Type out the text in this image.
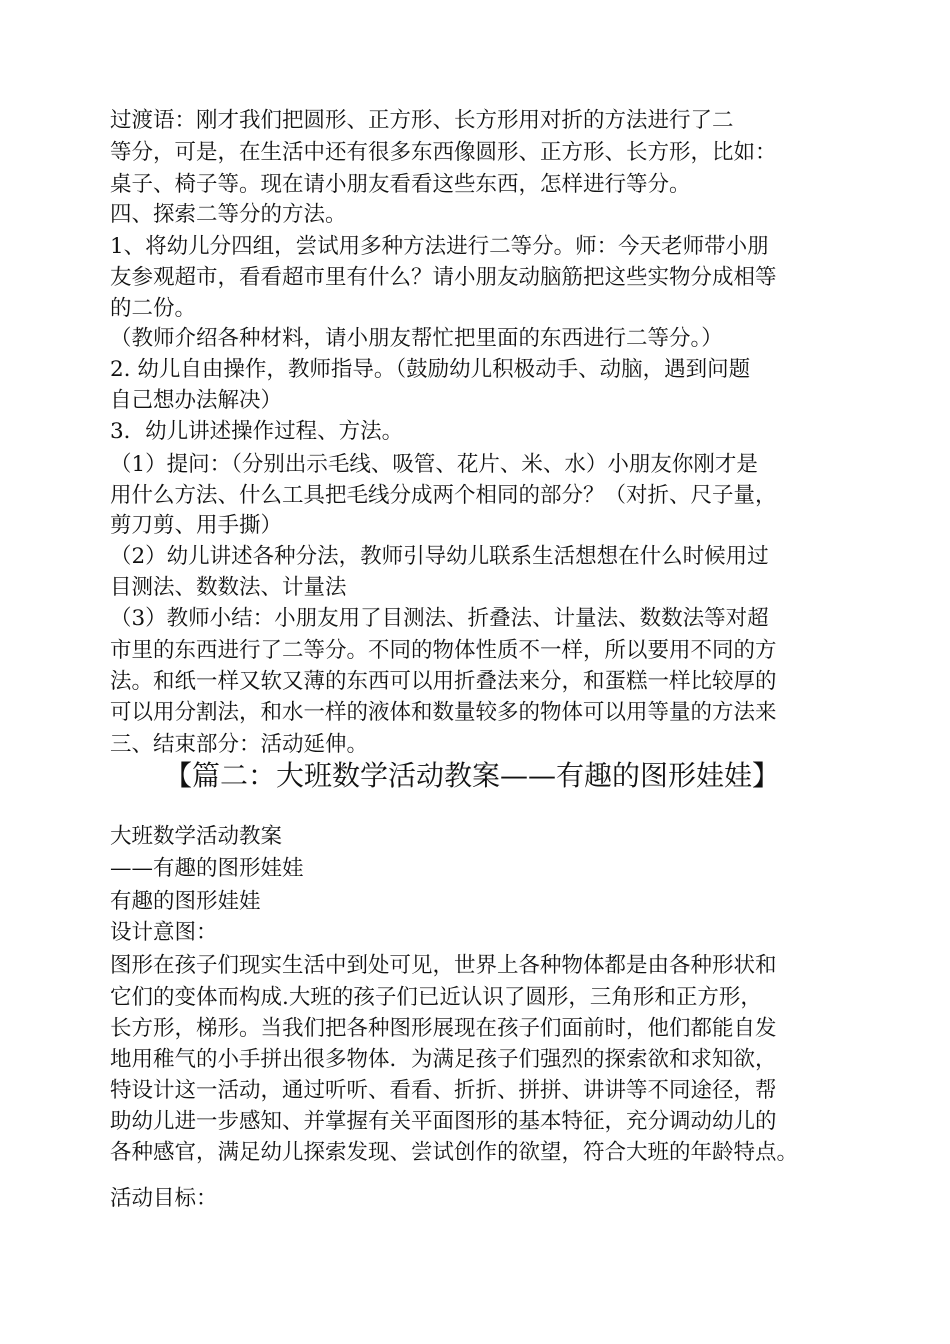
过渡语：刚才我们把圆形、正方形、长方形用对折的方法进行了二
等分，可是，在生活中还有很多东西像圆形、正方形、长方形，比如：
桌子、椅子等。现在请小朋友看看这些东西，怎样进行等分。
四、探索二等分的方法。
1、将幼儿分四组，尝试用多种方法进行二等分。师：今天老师带小朋
友参观超市，看看超市里有什么？请小朋友动脑筋把这些实物分成相等
的二份。
（教师介绍各种材料，请小朋友帮忙把里面的东西进行二等分。）
2. 幼儿自由操作，教师指导。（鼓励幼儿积极动手、动脑，遇到问题
自己想办法解决）
3．幼儿讲述操作过程、方法。
（1）提问：（分别出示毛线、吸管、花片、米、水）小朋友你刚才是
用什么方法、什么工具把毛线分成两个相同的部分？（对折、尺子量，
剪刀剪、用手撕）
（2）幼儿讲述各种分法，教师引导幼儿联系生活想想在什么时候用过
目测法、数数法、计量法
（3）教师小结：小朋友用了目测法、折叠法、计量法、数数法等对超
市里的东西进行了二等分。不同的物体性质不一样，所以要用不同的方
法。和纸一样又软又薄的东西可以用折叠法来分，和蛋糕一样比较厚的
可以用分割法，和水一样的液体和数量较多的物体可以用等量的方法来
三、结束部分：活动延伸。
【篇二：大班数学活动教案——有趣的图形娃娃】
大班数学活动教案
——有趣的图形娃娃
有趣的图形娃娃
设计意图：
图形在孩子们现实生活中到处可见，世界上各种物体都是由各种形状和
它们的变体而构成.大班的孩子们已近认识了圆形，三角形和正方形，
长方形，梯形。当我们把各种图形展现在孩子们面前时，他们都能自发
地用稚气的小手拼出很多物体．为满足孩子们强烈的探索欲和求知欲，
特设计这一活动，通过听听、看看、折折、拼拼、讲讲等不同途径，帮
助幼儿进一步感知、并掌握有关平面图形的基本特征，充分调动幼儿的
各种感官，满足幼儿探索发现、尝试创作的欲望，符合大班的年龄特点。
活动目标：
